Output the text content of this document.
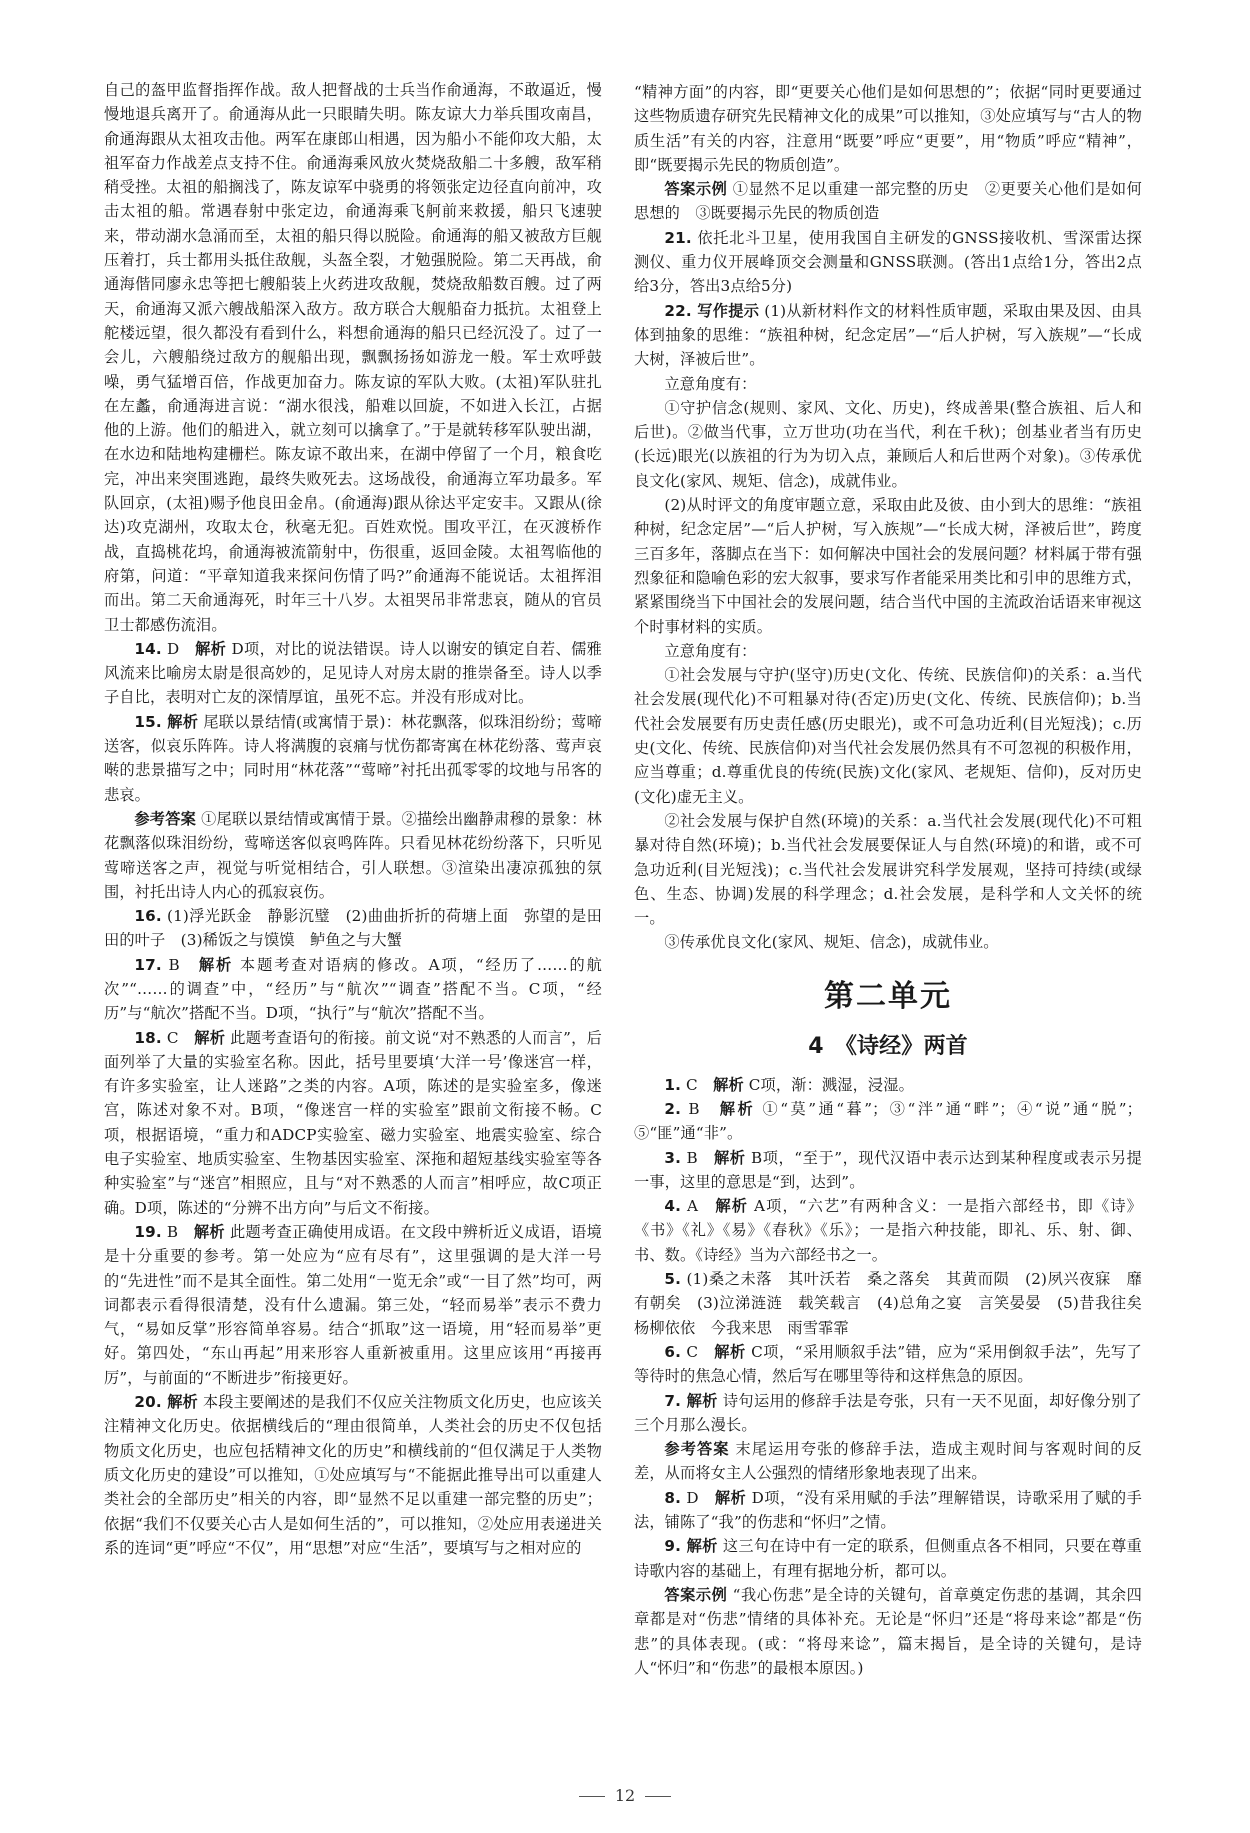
自己的盔甲监督指挥作战。敌人把督战的士兵当作俞通海，不敢逼近，慢慢地退兵离开了。俞通海从此一只眼睛失明。陈友谅大力举兵围攻南昌，俞通海跟从太祖攻击他。两军在康郎山相遇，因为船小不能仰攻大船，太祖军奋力作战差点支持不住。俞通海乘风放火焚烧敌船二十多艘，敌军稍稍受挫。太祖的船搁浅了，陈友谅军中骁勇的将领张定边径直向前冲，攻击太祖的船。常遇春射中张定边，俞通海乘飞舸前来救援，船只飞速驶来，带动湖水急涌而至，太祖的船只得以脱险。俞通海的船又被敌方巨舰压着打，兵士都用头抵住敌舰，头盔全裂，才勉强脱险。第二天再战，俞通海偕同廖永忠等把七艘船装上火药进攻敌舰，焚烧敌船数百艘。过了两天，俞通海又派六艘战船深入敌方。敌方联合大舰船奋力抵抗。太祖登上舵楼远望，很久都没有看到什么，料想俞通海的船只已经沉没了。过了一会儿，六艘船绕过敌方的舰船出现，飘飘扬扬如游龙一般。军士欢呼鼓噪，勇气猛增百倍，作战更加奋力。陈友谅的军队大败。(太祖)军队驻扎在左蠡，俞通海进言说：“湖水很浅，船难以回旋，不如进入长江，占据他的上游。他们的船进入，就立刻可以擒拿了。”于是就转移军队驶出湖，在水边和陆地构建栅栏。陈友谅不敢出来，在湖中停留了一个月，粮食吃完，冲出来突围逃跑，最终失败死去。这场战役，俞通海立军功最多。军队回京，(太祖)赐予他良田金帛。(俞通海)跟从徐达平定安丰。又跟从(徐达)攻克湖州，攻取太仓，秋毫无犯。百姓欢悦。围攻平江，在灭渡桥作战，直捣桃花坞，俞通海被流箭射中，伤很重，返回金陵。太祖驾临他的府第，问道：“平章知道我来探问伤情了吗?”俞通海不能说话。太祖挥泪而出。第二天俞通海死，时年三十八岁。太祖哭吊非常悲哀，随从的官员卫士都感伤流泪。

14. D　解析 D项，对比的说法错误。诗人以谢安的镇定自若、儒雅风流来比喻房太尉是很高妙的，足见诗人对房太尉的推崇备至。诗人以季子自比，表明对亡友的深情厚谊，虽死不忘。并没有形成对比。

15. 解析 尾联以景结情(或寓情于景)：林花飘落，似珠泪纷纷；莺啼送客，似哀乐阵阵。诗人将满腹的哀痛与忧伤都寄寓在林花纷落、莺声哀啭的悲景描写之中；同时用“林花落”“莺啼”衬托出孤零零的坟地与吊客的悲哀。

参考答案 ①尾联以景结情或寓情于景。②描绘出幽静肃穆的景象：林花飘落似珠泪纷纷，莺啼送客似哀鸣阵阵。只看见林花纷纷落下，只听见莺啼送客之声，视觉与听觉相结合，引人联想。③渲染出凄凉孤独的氛围，衬托出诗人内心的孤寂哀伤。

16. (1)浮光跃金　静影沉璧　(2)曲曲折折的荷塘上面　弥望的是田田的叶子　(3)稀饭之与馍馍　鲈鱼之与大蟹

17. B　解析 本题考查对语病的修改。A项，“经历了……的航次”“……的调查”中，“经历”与“航次”“调查”搭配不当。C项，“经历”与“航次”搭配不当。D项，“执行”与“航次”搭配不当。

18. C　解析 此题考查语句的衔接。前文说“对不熟悉的人而言”，后面列举了大量的实验室名称。因此，括号里要填‘大洋一号’像迷宫一样，有许多实验室，让人迷路”之类的内容。A项，陈述的是实验室多，像迷宫，陈述对象不对。B项，“像迷宫一样的实验室”跟前文衔接不畅。C项，根据语境，“重力和ADCP实验室、磁力实验室、地震实验室、综合电子实验室、地质实验室、生物基因实验室、深拖和超短基线实验室等各种实验室”与“迷宫”相照应，且与“对不熟悉的人而言”相呼应，故C项正确。D项，陈述的“分辨不出方向”与后文不衔接。

19. B　解析 此题考查正确使用成语。在文段中辨析近义成语，语境是十分重要的参考。第一处应为“应有尽有”，这里强调的是大洋一号的“先进性”而不是其全面性。第二处用“一览无余”或“一目了然”均可，两词都表示看得很清楚，没有什么遗漏。第三处，“轻而易举”表示不费力气，“易如反掌”形容简单容易。结合“抓取”这一语境，用“轻而易举”更好。第四处，“东山再起”用来形容人重新被重用。这里应该用“再接再厉”，与前面的“不断进步”衔接更好。

20. 解析 本段主要阐述的是我们不仅应关注物质文化历史，也应该关注精神文化历史。依据横线后的“理由很简单，人类社会的历史不仅包括物质文化历史，也应包括精神文化的历史”和横线前的“但仅满足于人类物质文化历史的建设”可以推知，①处应填写与“不能据此推导出可以重建人类社会的全部历史”相关的内容，即“显然不足以重建一部完整的历史”；依据“我们不仅要关心古人是如何生活的”，可以推知，②处应用表递进关系的连词“更”呼应“不仅”，用“思想”对应“生活”，要填写与之相对应的

“精神方面”的内容，即“更要关心他们是如何思想的”；依据“同时更要通过这些物质遗存研究先民精神文化的成果”可以推知，③处应填写与“古人的物质生活”有关的内容，注意用“既要”呼应“更要”，用“物质”呼应“精神”，即“既要揭示先民的物质创造”。

答案示例 ①显然不足以重建一部完整的历史　②更要关心他们是如何思想的　③既要揭示先民的物质创造

21. 依托北斗卫星，使用我国自主研发的GNSS接收机、雪深雷达探测仪、重力仪开展峰顶交会测量和GNSS联测。(答出1点给1分，答出2点给3分，答出3点给5分)

22. 写作提示 (1)从新材料作文的材料性质审题，采取由果及因、由具体到抽象的思维：“族祖种树，纪念定居”—“后人护树，写入族规”—“长成大树，泽被后世”。

立意角度有：

①守护信念(规则、家风、文化、历史)，终成善果(整合族祖、后人和后世)。②做当代事，立万世功(功在当代，利在千秋)；创基业者当有历史(长远)眼光(以族祖的行为为切入点，兼顾后人和后世两个对象)。③传承优良文化(家风、规矩、信念)，成就伟业。

(2)从时评文的角度审题立意，采取由此及彼、由小到大的思维：“族祖种树，纪念定居”—“后人护树，写入族规”—“长成大树，泽被后世”，跨度三百多年，落脚点在当下：如何解决中国社会的发展问题？材料属于带有强烈象征和隐喻色彩的宏大叙事，要求写作者能采用类比和引申的思维方式，紧紧围绕当下中国社会的发展问题，结合当代中国的主流政治话语来审视这个时事材料的实质。

立意角度有：

①社会发展与守护(坚守)历史(文化、传统、民族信仰)的关系：a.当代社会发展(现代化)不可粗暴对待(否定)历史(文化、传统、民族信仰)；b.当代社会发展要有历史责任感(历史眼光)，或不可急功近利(目光短浅)；c.历史(文化、传统、民族信仰)对当代社会发展仍然具有不可忽视的积极作用，应当尊重；d.尊重优良的传统(民族)文化(家风、老规矩、信仰)，反对历史(文化)虚无主义。

②社会发展与保护自然(环境)的关系：a.当代社会发展(现代化)不可粗暴对待自然(环境)；b.当代社会发展要保证人与自然(环境)的和谐，或不可急功近利(目光短浅)；c.当代社会发展讲究科学发展观，坚持可持续(或绿色、生态、协调)发展的科学理念；d.社会发展，是科学和人文关怀的统一。

③传承优良文化(家风、规矩、信念)，成就伟业。

第二单元
4　《诗经》两首

1. C　解析 C项，渐：溅湿，浸湿。

2. B　解析 ①“莫”通“暮”；③“泮”通“畔”；④“说”通“脱”；⑤“匪”通“非”。

3. B　解析 B项，“至于”，现代汉语中表示达到某种程度或表示另提一事，这里的意思是“到，达到”。

4. A　解析 A项，“六艺”有两种含义：一是指六部经书，即《诗》《书》《礼》《易》《春秋》《乐》；一是指六种技能，即礼、乐、射、御、书、数。《诗经》当为六部经书之一。

5. (1)桑之未落　其叶沃若　桑之落矣　其黄而陨　(2)夙兴夜寐　靡有朝矣　(3)泣涕涟涟　载笑载言　(4)总角之宴　言笑晏晏　(5)昔我往矣　杨柳依依　今我来思　雨雪霏霏

6. C　解析 C项，“采用顺叙手法”错，应为“采用倒叙手法”，先写了等待时的焦急心情，然后写在哪里等待和这样焦急的原因。

7. 解析 诗句运用的修辞手法是夸张，只有一天不见面，却好像分别了三个月那么漫长。

参考答案 末尾运用夸张的修辞手法，造成主观时间与客观时间的反差，从而将女主人公强烈的情绪形象地表现了出来。

8. D　解析 D项，“没有采用赋的手法”理解错误，诗歌采用了赋的手法，铺陈了“我”的伤悲和“怀归”之情。

9. 解析 这三句在诗中有一定的联系，但侧重点各不相同，只要在尊重诗歌内容的基础上，有理有据地分析，都可以。

答案示例 “我心伤悲”是全诗的关键句，首章奠定伤悲的基调，其余四章都是对“伤悲”情绪的具体补充。无论是“怀归”还是“将母来谂”都是“伤悲”的具体表现。(或：“将母来谂”，篇末揭旨，是全诗的关键句，是诗人“怀归”和“伤悲”的最根本原因。)

12
